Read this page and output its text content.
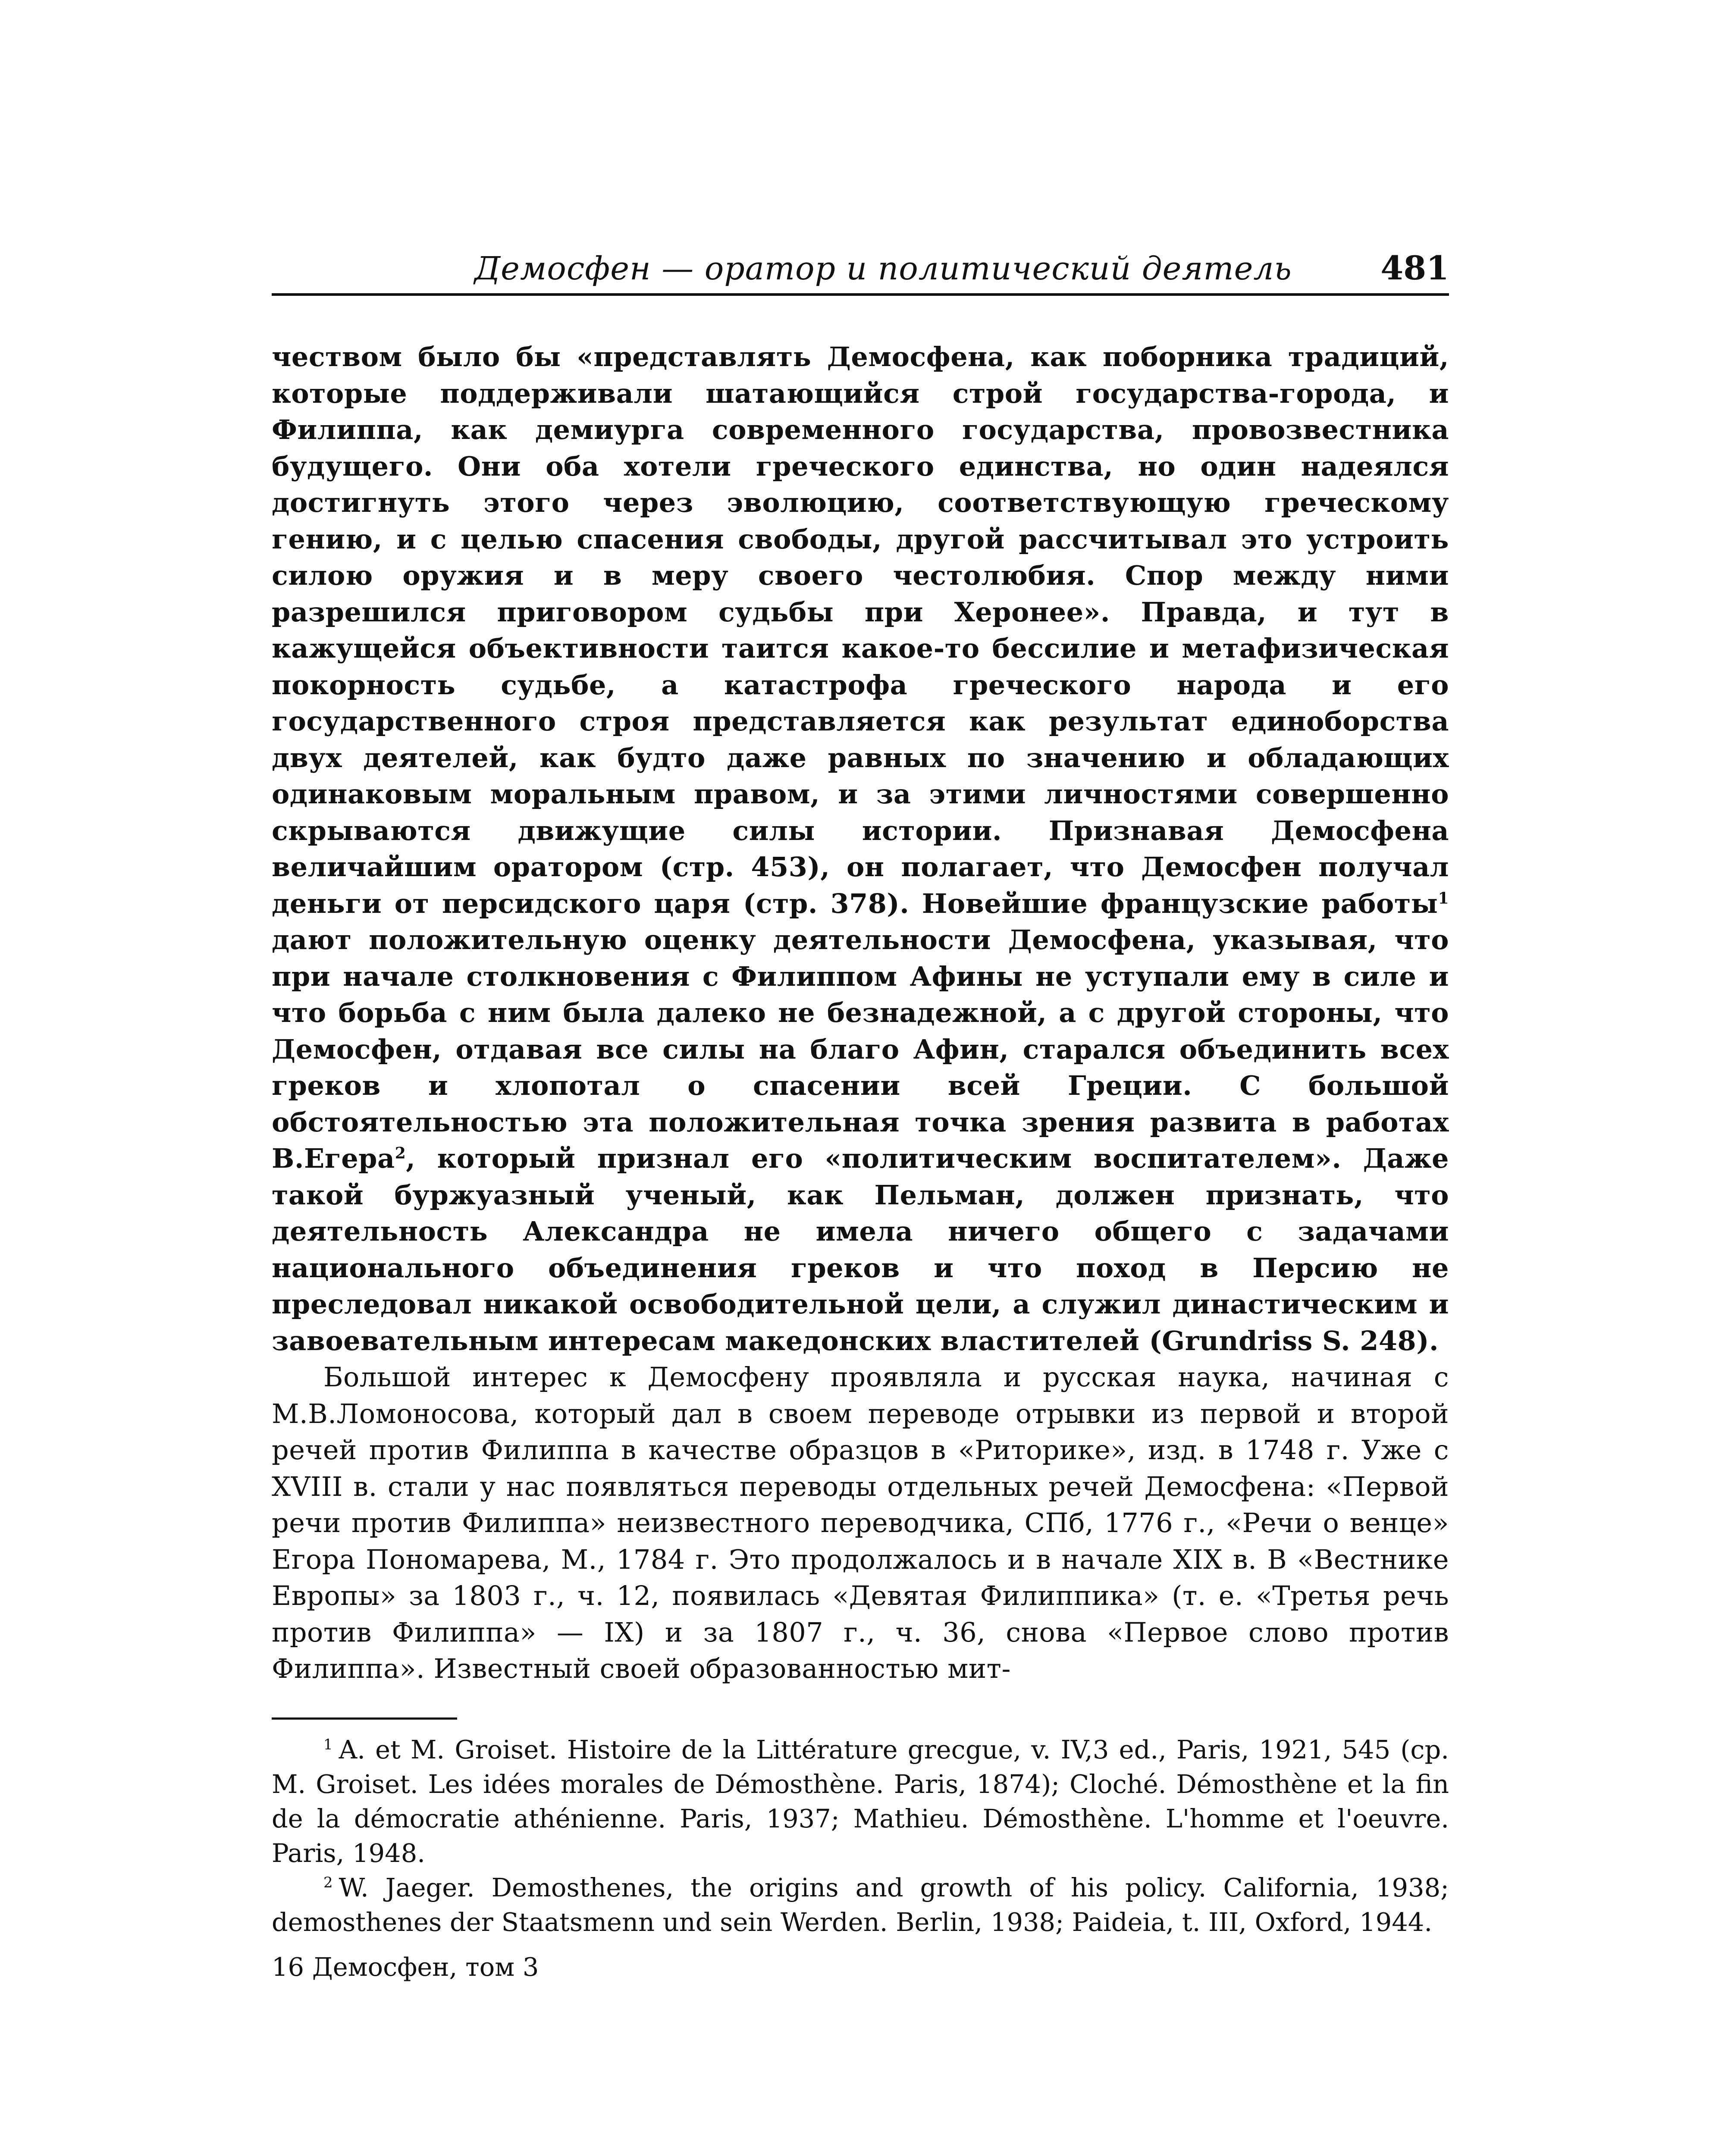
Демосфен — оратор и политический деятель	481

чеством было бы «представлять Демосфена, как поборника традиций, которые поддерживали шатающийся строй государства-города, и Филиппа, как демиурга современного государства, провозвестника будущего. Они оба хотели греческого единства, но один надеялся достигнуть этого через эволюцию, соответствующую греческому гению, и с целью спасения свободы, другой рассчитывал это устроить силою оружия и в меру своего честолюбия. Спор между ними разрешился приговором судьбы при Херонее». Правда, и тут в кажущейся объективности таится какое-то бессилие и метафизическая покорность судьбе, а катастрофа греческого народа и его государственного строя представляется как результат единоборства двух деятелей, как будто даже равных по значению и обладающих одинаковым моральным правом, и за этими личностями совершенно скрываются движущие силы истории. Признавая Демосфена величайшим оратором (стр. 453), он полагает, что Демосфен получал деньги от персидского царя (стр. 378). Новейшие французские работы$^1$ дают положительную оценку деятельности Демосфена, указывая, что при начале столкновения с Филиппом Афины не уступали ему в силе и что борьба с ним была далеко не безнадежной, а с другой стороны, что Демосфен, отдавая все силы на благо Афин, старался объединить всех греков и хлопотал о спасении всей Греции. С большой обстоятельностью эта положительная точка зрения развита в работах В.Егера$^2$, который признал его «политическим воспитателем». Даже такой буржуазный ученый, как Пельман, должен признать, что деятельность Александра не имела ничего общего с задачами национального объединения греков и что поход в Персию не преследовал никакой освободительной цели, а служил династическим и завоевательным интересам македонских властителей (Grundriss S. 248).

Большой интерес к Демосфену проявляла и русская наука, начиная с М.В.Ломоносова, который дал в своем переводе отрывки из первой и второй речей против Филиппа в качестве образцов в «Риторике», изд. в 1748 г. Уже с XVIII в. стали у нас появляться переводы отдельных речей Демосфена: «Первой речи против Филиппа» неизвестного переводчика, СПб, 1776 г., «Речи о венце» Егора Пономарева, М., 1784 г. Это продолжалось и в начале XIX в. В «Вестнике Европы» за 1803 г., ч. 12, появилась «Девятая Филиппика» (т. е. «Третья речь против Филиппа» — IX) и за 1807 г., ч. 36, снова «Первое слово против Филиппа». Известный своей образованностью мит-

$^1$ A. et M. Groiset. Histoire de la Littérature grecgue, v. IV,3 ed., Paris, 1921, 545 (cp. M. Groiset. Les idées morales de Démosthène. Paris, 1874); Cloché. Démosthène et la fin de la démocratie athénienne. Paris, 1937; Mathieu. Démosthène. L'homme et l'oeuvre. Paris, 1948.

$^2$ W. Jaeger. Demosthenes, the origins and growth of his policy. California, 1938; demosthenes der Staatsmenn und sein Werden. Berlin, 1938; Paideia, t. III, Oxford, 1944.

16 Демосфен, том 3
